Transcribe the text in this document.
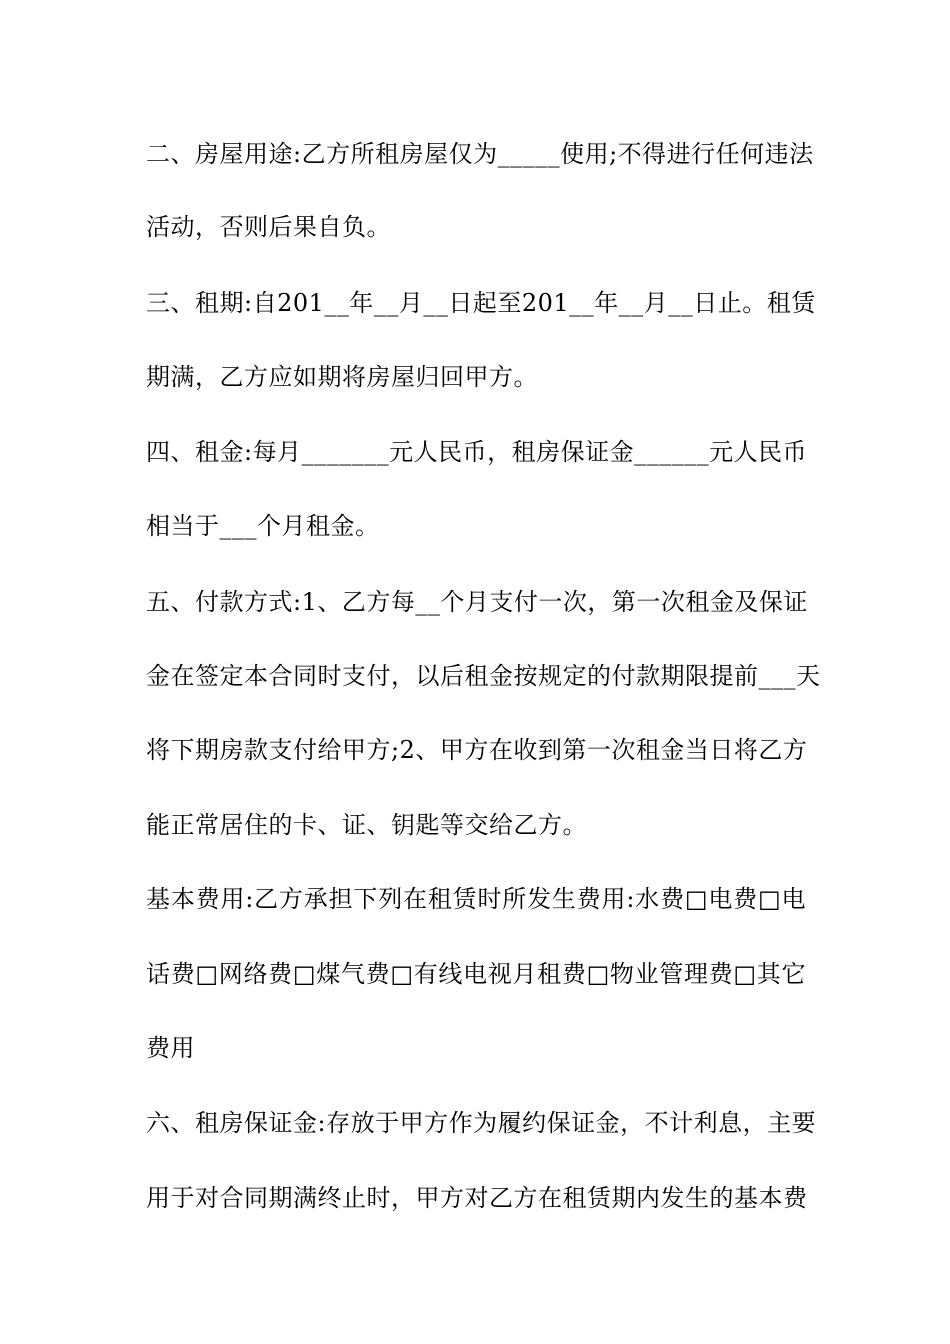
二、房屋用途:乙方所租房屋仅为_____使用;不得进行任何违法
活动，否则后果自负。
三、租期:自201__年__月__日起至201__年__月__日止。租赁
期满，乙方应如期将房屋归回甲方。
四、租金:每月_______元人民币，租房保证金______元人民币
相当于___个月租金。
五、付款方式:1、乙方每__个月支付一次，第一次租金及保证
金在签定本合同时支付，以后租金按规定的付款期限提前___天
将下期房款支付给甲方;2、甲方在收到第一次租金当日将乙方
能正常居住的卡、证、钥匙等交给乙方。
基本费用:乙方承担下列在租赁时所发生费用:水费□电费□电
话费□网络费□煤气费□有线电视月租费□物业管理费□其它
费用
六、租房保证金:存放于甲方作为履约保证金，不计利息，主要
用于对合同期满终止时，甲方对乙方在租赁期内发生的基本费
